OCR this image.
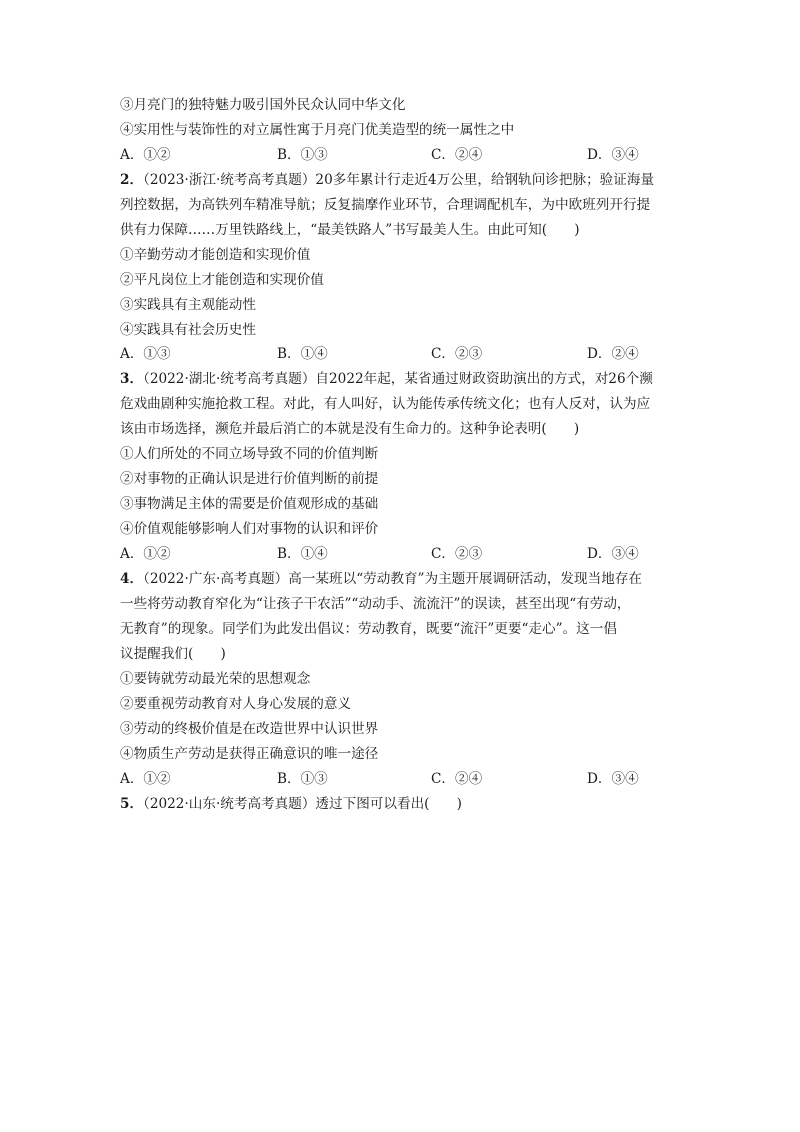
③月亮门的独特魅力吸引国外民众认同中华文化
④实用性与装饰性的对立属性寓于月亮门优美造型的统一属性之中
A．①②	B．①③	C．②④	D．③④
2．（2023·浙江·统考高考真题）20多年累计行走近4万公里，给钢轨问诊把脉；验证海量
列控数据，为高铁列车精准导航；反复揣摩作业环节，合理调配机车，为中欧班列开行提
供有力保障……万里铁路线上，“最美铁路人”书写最美人生。由此可知(　　)
①辛勤劳动才能创造和实现价值
②平凡岗位上才能创造和实现价值
③实践具有主观能动性
④实践具有社会历史性
A．①③	B．①④	C．②③	D．②④
3．（2022·湖北·统考高考真题）自2022年起，某省通过财政资助演出的方式，对26个濒
危戏曲剧种实施抢救工程。对此，有人叫好，认为能传承传统文化；也有人反对，认为应
该由市场选择，濒危并最后消亡的本就是没有生命力的。这种争论表明(　　)
①人们所处的不同立场导致不同的价值判断
②对事物的正确认识是进行价值判断的前提
③事物满足主体的需要是价值观形成的基础
④价值观能够影响人们对事物的认识和评价
A．①②	B．①④	C．②③	D．③④
4．（2022·广东·高考真题）高一某班以“劳动教育”为主题开展调研活动，发现当地存在
一些将劳动教育窄化为“让孩子干农活”“动动手、流流汗”的误读，甚至出现“有劳动，
无教育”的现象。同学们为此发出倡议：劳动教育，既要“流汗”更要“走心”。这一倡
议提醒我们(　　)
①要铸就劳动最光荣的思想观念
②要重视劳动教育对人身心发展的意义
③劳动的终极价值是在改造世界中认识世界
④物质生产劳动是获得正确意识的唯一途径
A．①②	B．①③	C．②④	D．③④
5．（2022·山东·统考高考真题）透过下图可以看出(　　)
